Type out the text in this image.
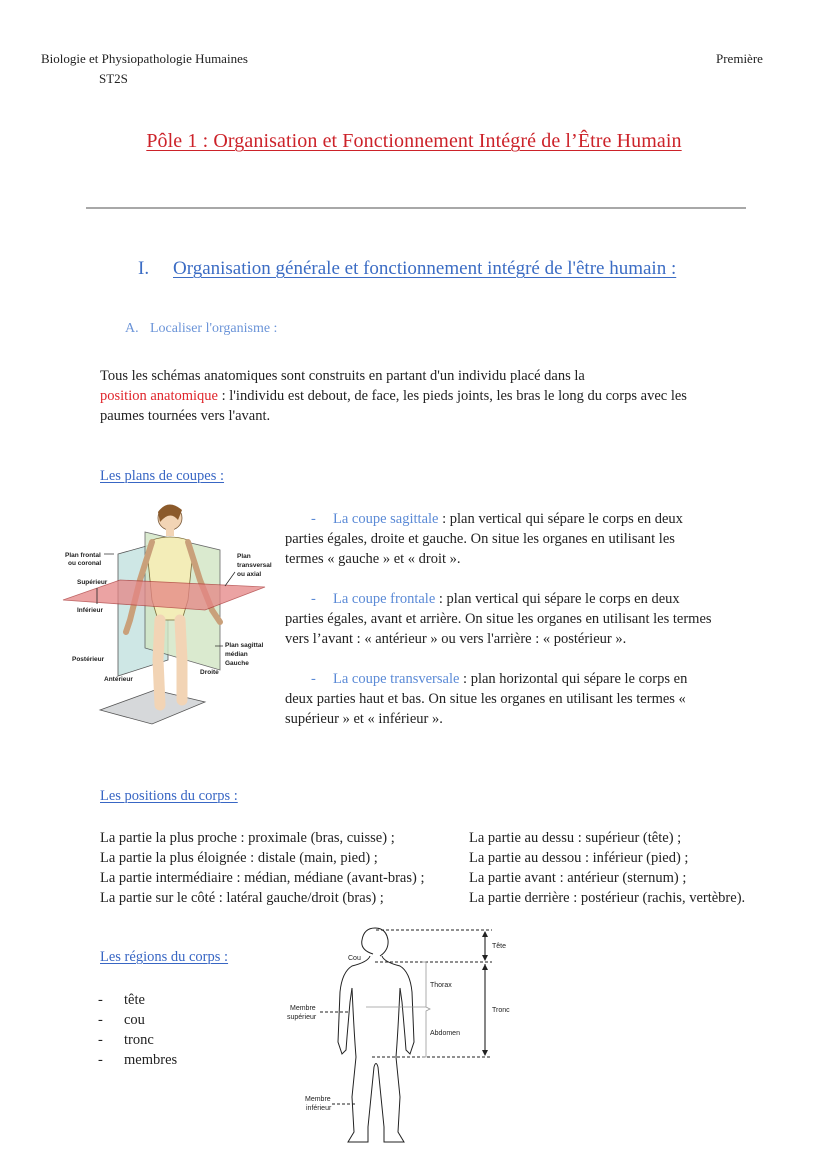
Biologie et Physiopathologie Humaines
ST2S
Première
Pôle 1 : Organisation et Fonctionnement Intégré de l’Être Humain
I. Organisation générale et fonctionnement intégré de l'être humain :
A. Localiser l'organisme :
Tous les schémas anatomiques sont construits en partant d'un individu placé dans la
position anatomique : l'individu est debout, de face, les pieds joints, les bras le long du corps avec les
paumes tournées vers l'avant.
Les plans de coupes :
Plan frontal
ou coronal
Supérieur
Inférieur
Postérieur
Antérieur
Plan
transversal
ou axial
Plan sagittal
médian
Gauche
Droite
- La coupe sagittale : plan vertical qui sépare le corps en deux
parties égales, droite et gauche. On situe les organes en utilisant les
termes « gauche » et « droit ».
- La coupe frontale : plan vertical qui sépare le corps en deux
parties égales, avant et arrière. On situe les organes en utilisant les termes
vers l’avant : « antérieur » ou vers l'arrière : « postérieur ».
- La coupe transversale : plan horizontal qui sépare le corps en
deux parties haut et bas. On situe les organes en utilisant les termes «
supérieur » et « inférieur ».
Les positions du corps :
La partie la plus proche : proximale (bras, cuisse) ;
La partie la plus éloignée : distale (main, pied) ;
La partie intermédiaire : médian, médiane (avant-bras) ;
La partie sur le côté : latéral gauche/droit (bras) ;
La partie au dessu : supérieur (tête) ;
La partie au dessou : inférieur (pied) ;
La partie avant : antérieur (sternum) ;
La partie derrière : postérieur (rachis, vertèbre).
Les régions du corps :
- tête
- cou
- tronc
- membres
Cou
Tête
Thorax
Tronc
Abdomen
Membre
supérieur
Membre
inférieur
